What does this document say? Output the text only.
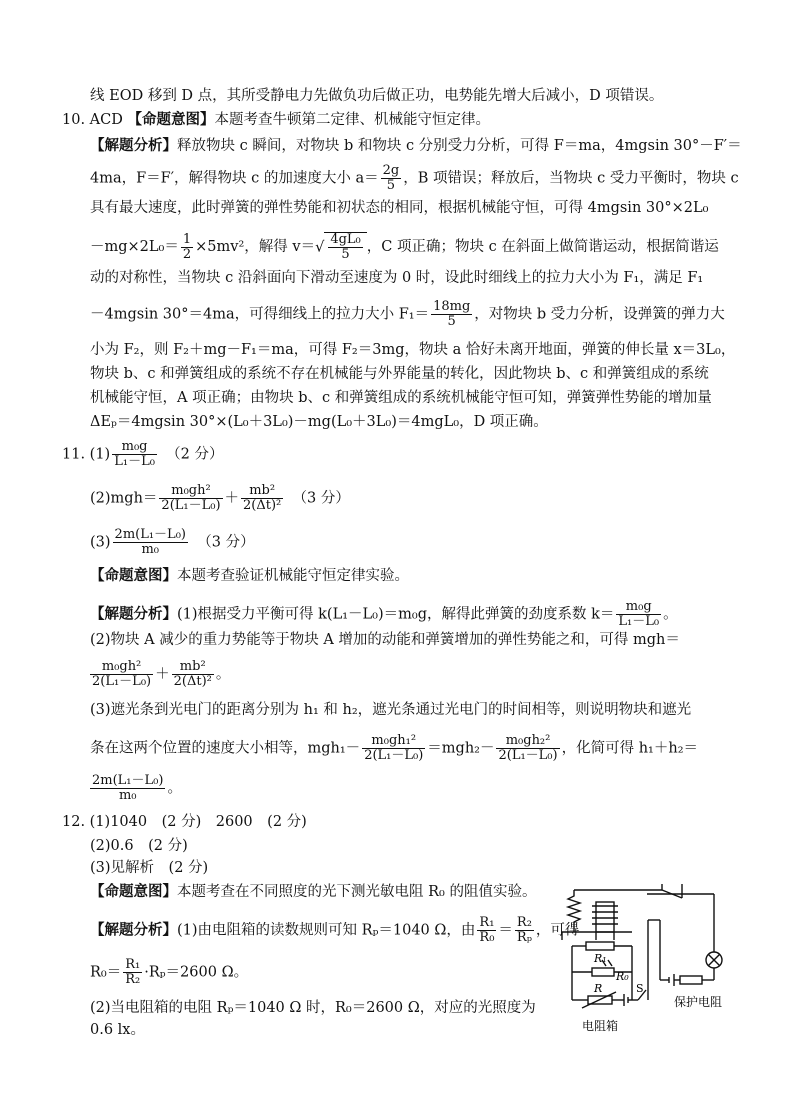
线 EOD 移到 D 点，其所受静电力先做负功后做正功，电势能先增大后减小，D 项错误。
10. ACD 【命题意图】本题考查牛顿第二定律、机械能守恒定律。
【解题分析】释放物块 c 瞬间，对物块 b 和物块 c 分别受力分析，可得 F＝ma，4mgsin 30°－F′＝
4ma，F＝F′，解得物块 c 的加速度大小 $a= \frac{2g}{5}$ ，B 项错误；释放后，当物块 c 受力平衡时，物块 c
具有最大速度，此时弹簧的弹性势能和初状态的相同，根据机械能守恒，可得 4mgsin 30°×2L₀
$-mg\times 2L_0= \frac{1}{2} \times 5mv^2$，解得 $v=√ \frac{\text{4gL₀}}{5}$ ，C 项正确；物块 c 在斜面上做简谐运动，根据简谐运
动的对称性，当物块 c 沿斜面向下滑动至速度为 0 时，设此时细线上的拉力大小为 F₁，满足 F₁
－4mgsin 30°＝4ma，可得细线上的拉力大小 $F_1= \frac{18mg}{5}$ ，对物块 b 受力分析，设弹簧的弹力大
小为 F₂，则 F₂＋mg－F₁＝ma，可得 F₂＝3mg，物块 a 恰好未离开地面，弹簧的伸长量 x＝3L₀，
物块 b、c 和弹簧组成的系统不存在机械能与外界能量的转化，因此物块 b、c 和弹簧组成的系统
机械能守恒，A 项正确；由物块 b、c 和弹簧组成的系统机械能守恒可知，弹簧弹性势能的增加量
ΔEₚ＝4mgsin 30°×(L₀＋3L₀)－mg(L₀＋3L₀)＝4mgL₀，D 项正确。
11. $(1) \frac{\text{m₀g}}{\text{L₁－L₀}}$
　 （2 分）
$(2)mgh= \frac{\text{m₀gh²}}{\text{2(L₁－L₀)}} + \frac{\text{mb²}}{\text{2(Δt)²}}$
　 （3 分）
$(3) \frac{\text{2m(L₁－L₀)}}{\text{m₀}}$
　 （3 分）
【命题意图】本题考查验证机械能守恒定律实验。
【解题分析】(1)根据受力平衡可得 k(L₁－L₀)＝m₀g，解得此弹簧的劲度系数 $k= \frac{\text{m₀g}}{\text{L₁－L₀}}$ 。
(2)物块 A 减少的重力势能等于物块 A 增加的动能和弹簧增加的弹性势能之和，可得 mgh＝
$\frac{\text{m₀gh²}}{\text{2(L₁－L₀)}} + \frac{\text{mb²}}{\text{2(Δt)²}}$ 。
(3)遮光条到光电门的距离分别为 h₁ 和 h₂，遮光条通过光电门的时间相等，则说明物块和遮光
条在这两个位置的速度大小相等，$mgh_1- \frac{\text{m₀gh₁²}}{\text{2(L₁－L₀)}} =mgh_2- \frac{\text{m₀gh₂²}}{\text{2(L₁－L₀)}}$ ，化简可得 h₁＋h₂＝
$\frac{\text{2m(L₁－L₀)}}{\text{m₀}}$ 。
12. (1)1040　(2 分)　2600　(2 分)
(2)0.6　(2 分)
(3)见解析　(2 分)
【命题意图】本题考查在不同照度的光下测光敏电阻 R₀ 的阻值实验。
【解题分析】(1)由电阻箱的读数规则可知 Rₚ＝1040 Ω，由 $\frac{\text{R₁}}{\text{R₀}} = \frac{\text{R₂}}{\text{Rₚ}}$ ，可得
$R_0= \frac{\text{R₁}}{\text{R₂}} \cdot R_p=2600$ Ω。
(2)当电阻箱的电阻 Rₚ＝1040 Ω 时，R₀＝2600 Ω，对应的光照度为
0.6 lx。
R₁
R₀
R	S
电阻箱
保护电阻
